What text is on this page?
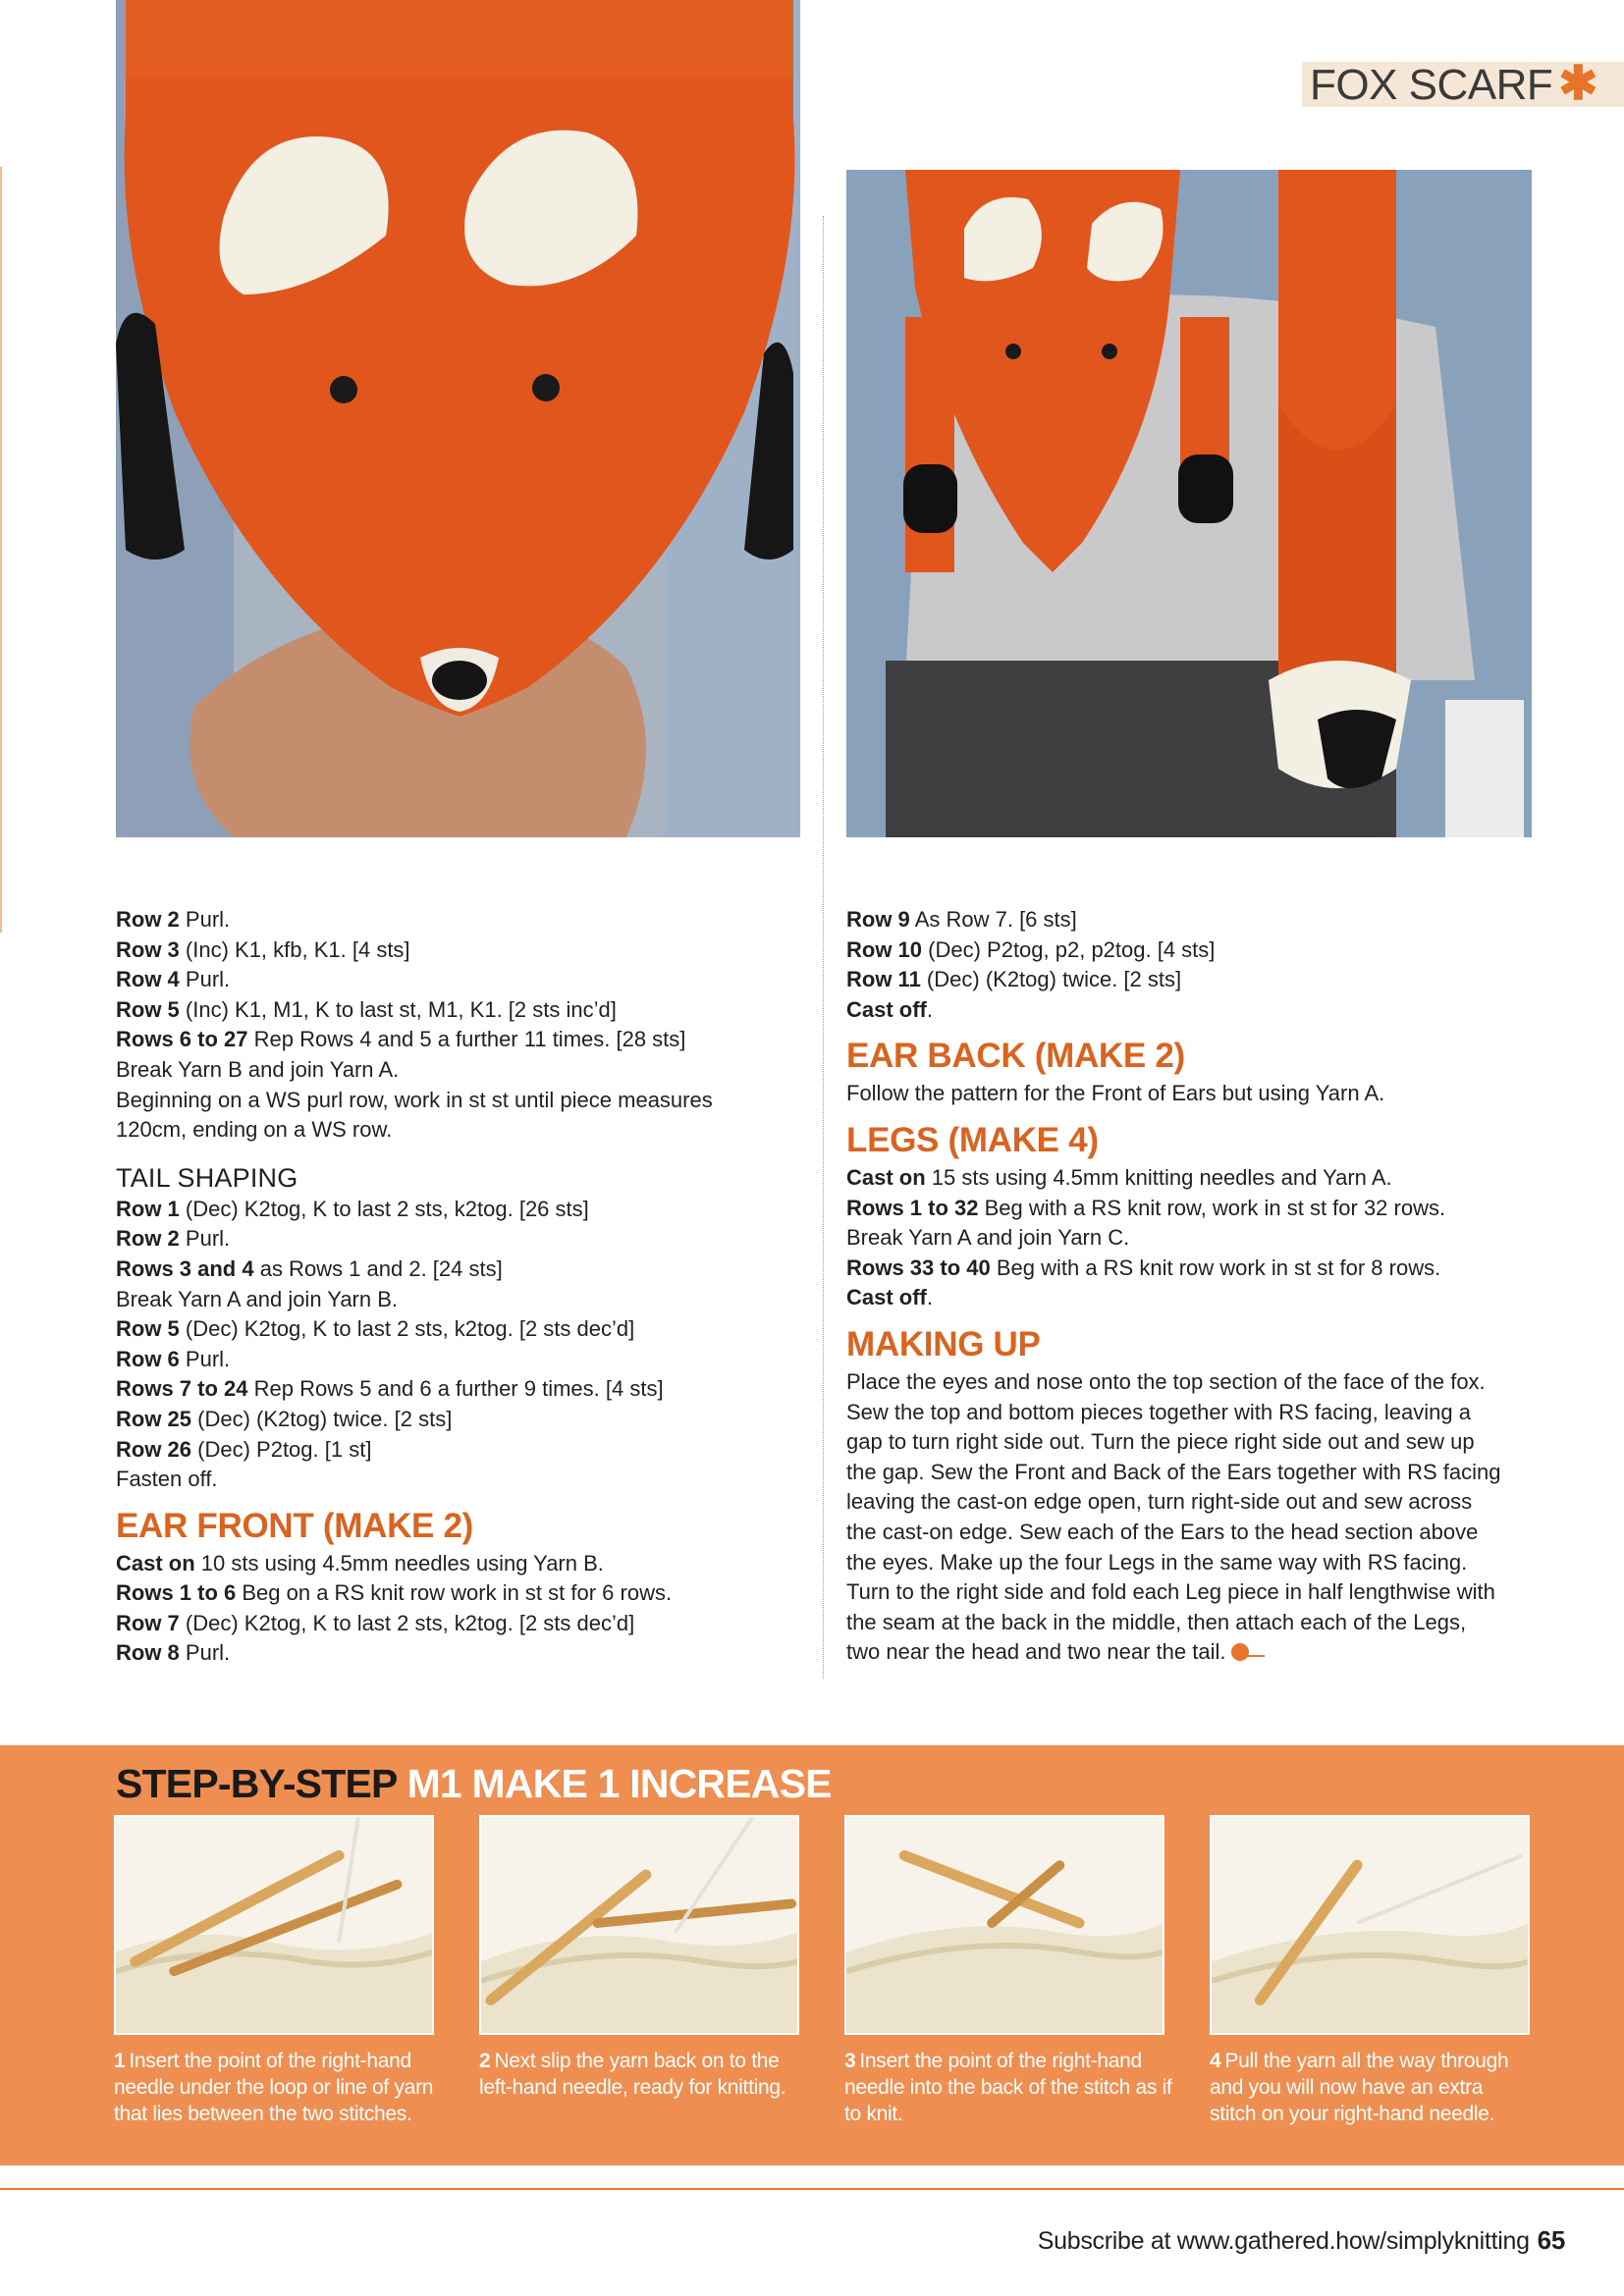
FOX SCARF ✱
Row 2 Purl.
Row 3 (Inc) K1, kfb, K1. [4 sts]
Row 4 Purl.
Row 5 (Inc) K1, M1, K to last st, M1, K1. [2 sts inc’d]
Rows 6 to 27 Rep Rows 4 and 5 a further 11 times. [28 sts]
Break Yarn B and join Yarn A.
Beginning on a WS purl row, work in st st until piece measures
120cm, ending on a WS row.
TAIL SHAPING
Row 1 (Dec) K2tog, K to last 2 sts, k2tog. [26 sts]
Row 2 Purl.
Rows 3 and 4 as Rows 1 and 2. [24 sts]
Break Yarn A and join Yarn B.
Row 5 (Dec) K2tog, K to last 2 sts, k2tog. [2 sts dec’d]
Row 6 Purl.
Rows 7 to 24 Rep Rows 5 and 6 a further 9 times. [4 sts]
Row 25 (Dec) (K2tog) twice. [2 sts]
Row 26 (Dec) P2tog. [1 st]
Fasten off.
EAR FRONT (MAKE 2)
Cast on 10 sts using 4.5mm needles using Yarn B.
Rows 1 to 6 Beg on a RS knit row work in st st for 6 rows.
Row 7 (Dec) K2tog, K to last 2 sts, k2tog. [2 sts dec’d]
Row 8 Purl.
Row 9 As Row 7. [6 sts]
Row 10 (Dec) P2tog, p2, p2tog. [4 sts]
Row 11 (Dec) (K2tog) twice. [2 sts]
Cast off.
EAR BACK (MAKE 2)
Follow the pattern for the Front of Ears but using Yarn A.
LEGS (MAKE 4)
Cast on 15 sts using 4.5mm knitting needles and Yarn A.
Rows 1 to 32 Beg with a RS knit row, work in st st for 32 rows.
Break Yarn A and join Yarn C.
Rows 33 to 40 Beg with a RS knit row work in st st for 8 rows.
Cast off.
MAKING UP
Place the eyes and nose onto the top section of the face of the fox.
Sew the top and bottom pieces together with RS facing, leaving a
gap to turn right side out. Turn the piece right side out and sew up
the gap. Sew the Front and Back of the Ears together with RS facing
leaving the cast-on edge open, turn right-side out and sew across
the cast-on edge. Sew each of the Ears to the head section above
the eyes. Make up the four Legs in the same way with RS facing.
Turn to the right side and fold each Leg piece in half lengthwise with
the seam at the back in the middle, then attach each of the Legs,
two near the head and two near the tail.
STEP-BY-STEP M1 MAKE 1 INCREASE
1 Insert the point of the right-hand needle under the loop or line of yarn that lies between the two stitches.
2 Next slip the yarn back on to the left-hand needle, ready for knitting.
3 Insert the point of the right-hand needle into the back of the stitch as if to knit.
4 Pull the yarn all the way through and you will now have an extra stitch on your right-hand needle.
Subscribe at www.gathered.how/simplyknitting 65
